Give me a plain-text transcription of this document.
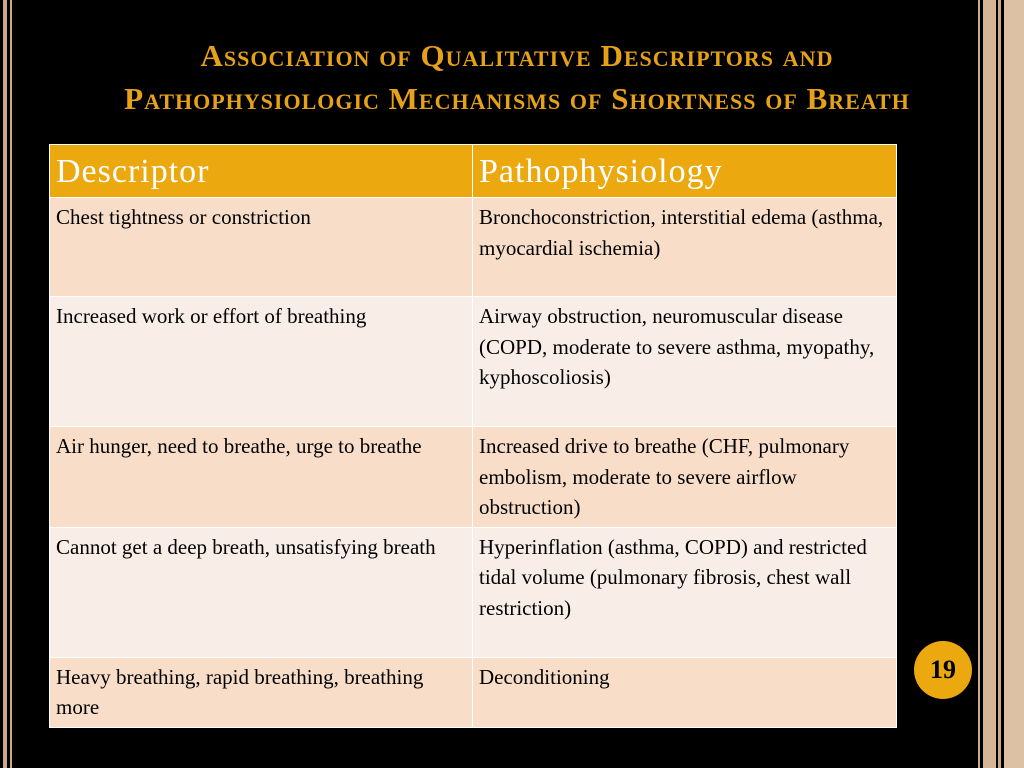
Association of Qualitative Descriptors and
Pathophysiologic Mechanisms of Shortness of Breath
Descriptor	Pathophysiology
Chest tightness or constriction	Bronchoconstriction, interstitial edema (asthma, myocardial ischemia)
Increased work or effort of breathing	Airway obstruction, neuromuscular disease (COPD, moderate to severe asthma, myopathy, kyphoscoliosis)
Air hunger, need to breathe, urge to breathe	Increased drive to breathe (CHF, pulmonary embolism, moderate to severe airflow obstruction)
Cannot get a deep breath, unsatisfying breath	Hyperinflation (asthma, COPD) and restricted tidal volume (pulmonary fibrosis, chest wall restriction)
Heavy breathing, rapid breathing, breathing more	Deconditioning	19
